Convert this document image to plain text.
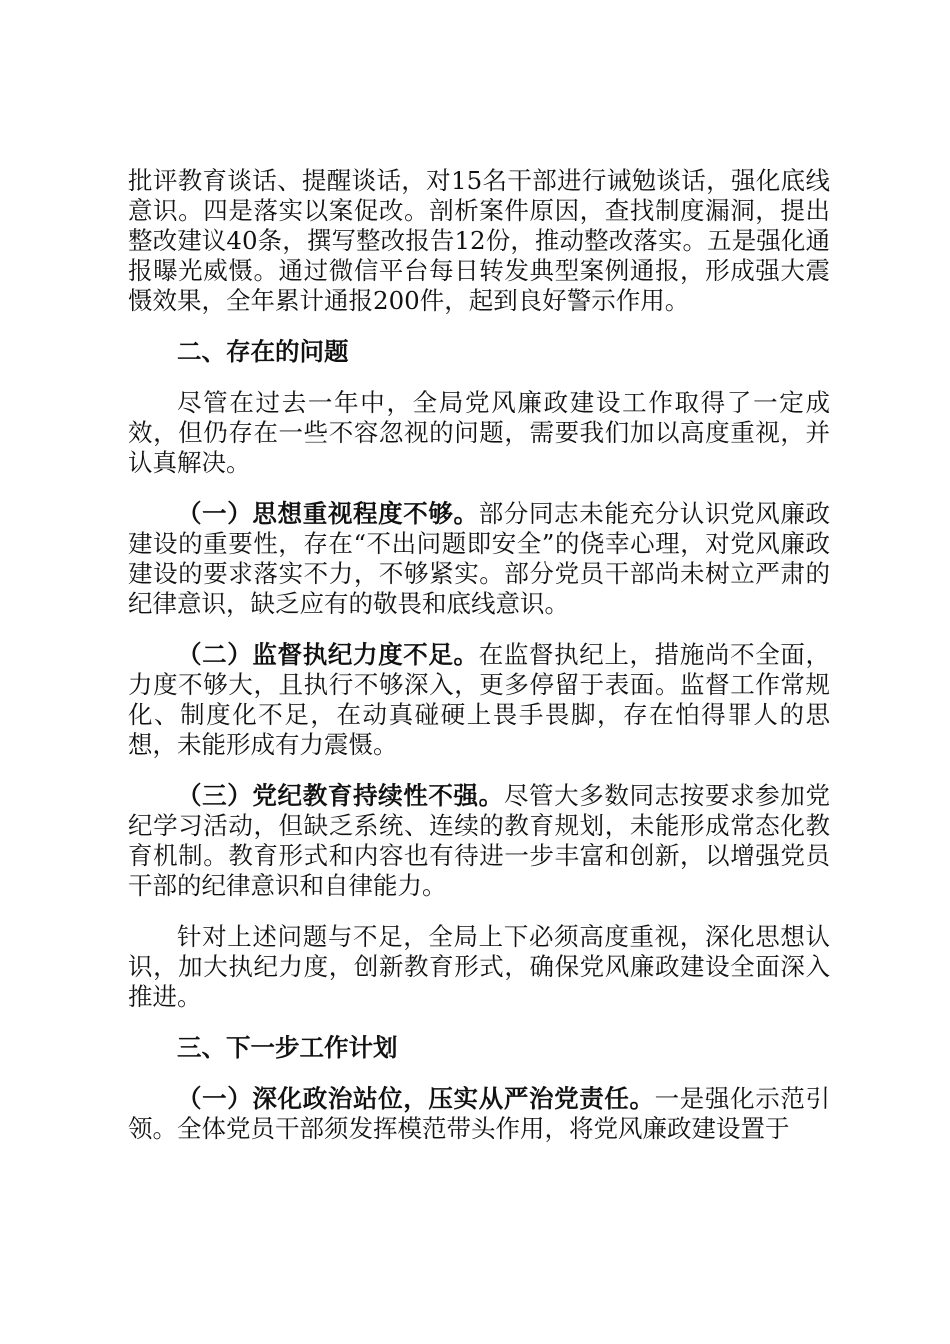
批评教育谈话、提醒谈话，对15名干部进行诫勉谈话，强化底线意识。四是落实以案促改。剖析案件原因，查找制度漏洞，提出整改建议40条，撰写整改报告12份，推动整改落实。五是强化通报曝光威慑。通过微信平台每日转发典型案例通报，形成强大震慑效果，全年累计通报200件，起到良好警示作用。

二、存在的问题

尽管在过去一年中，全局党风廉政建设工作取得了一定成效，但仍存在一些不容忽视的问题，需要我们加以高度重视，并认真解决。

（一）思想重视程度不够。部分同志未能充分认识党风廉政建设的重要性，存在“不出问题即安全”的侥幸心理，对党风廉政建设的要求落实不力，不够紧实。部分党员干部尚未树立严肃的纪律意识，缺乏应有的敬畏和底线意识。

（二）监督执纪力度不足。在监督执纪上，措施尚不全面，力度不够大，且执行不够深入，更多停留于表面。监督工作常规化、制度化不足，在动真碰硬上畏手畏脚，存在怕得罪人的思想，未能形成有力震慑。

（三）党纪教育持续性不强。尽管大多数同志按要求参加党纪学习活动，但缺乏系统、连续的教育规划，未能形成常态化教育机制。教育形式和内容也有待进一步丰富和创新，以增强党员干部的纪律意识和自律能力。

针对上述问题与不足，全局上下必须高度重视，深化思想认识，加大执纪力度，创新教育形式，确保党风廉政建设全面深入推进。

三、下一步工作计划

（一）深化政治站位，压实从严治党责任。一是强化示范引领。全体党员干部须发挥模范带头作用，将党风廉政建设置于
